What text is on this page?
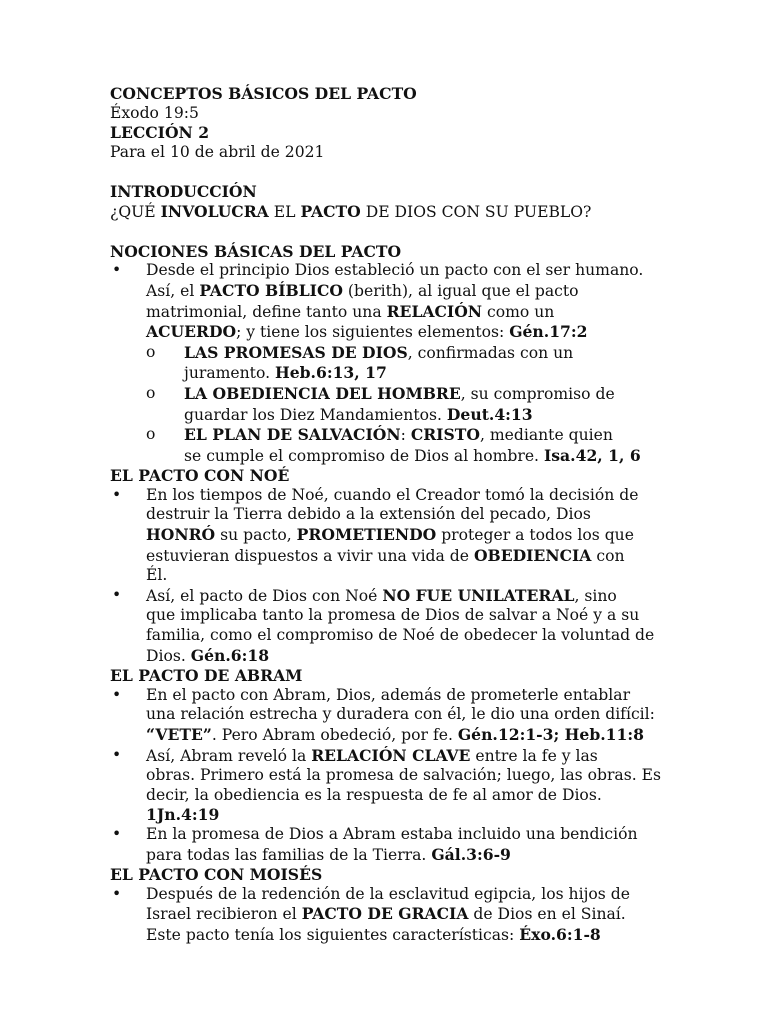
CONCEPTOS BÁSICOS DEL PACTO
Éxodo 19:5
LECCIÓN 2
Para el 10 de abril de 2021
INTRODUCCIÓN
¿QUÉ INVOLUCRA EL PACTO DE DIOS CON SU PUEBLO?
NOCIONES BÁSICAS DEL PACTO
• Desde el principio Dios estableció un pacto con el ser humano.
Así, el PACTO BÍBLICO (berith), al igual que el pacto
matrimonial, define tanto una RELACIÓN como un
ACUERDO; y tiene los siguientes elementos: Gén.17:2
o LAS PROMESAS DE DIOS, confirmadas con un
juramento. Heb.6:13, 17
o LA OBEDIENCIA DEL HOMBRE, su compromiso de
guardar los Diez Mandamientos. Deut.4:13
o EL PLAN DE SALVACIÓN: CRISTO, mediante quien
se cumple el compromiso de Dios al hombre. Isa.42, 1, 6
EL PACTO CON NOÉ
• En los tiempos de Noé, cuando el Creador tomó la decisión de
destruir la Tierra debido a la extensión del pecado, Dios
HONRÓ su pacto, PROMETIENDO proteger a todos los que
estuvieran dispuestos a vivir una vida de OBEDIENCIA con
Él.
• Así, el pacto de Dios con Noé NO FUE UNILATERAL, sino
que implicaba tanto la promesa de Dios de salvar a Noé y a su
familia, como el compromiso de Noé de obedecer la voluntad de
Dios. Gén.6:18
EL PACTO DE ABRAM
• En el pacto con Abram, Dios, además de prometerle entablar
una relación estrecha y duradera con él, le dio una orden difícil:
“VETE”. Pero Abram obedeció, por fe. Gén.12:1-3; Heb.11:8
• Así, Abram reveló la RELACIÓN CLAVE entre la fe y las
obras. Primero está la promesa de salvación; luego, las obras. Es
decir, la obediencia es la respuesta de fe al amor de Dios.
1Jn.4:19
• En la promesa de Dios a Abram estaba incluido una bendición
para todas las familias de la Tierra. Gál.3:6-9
EL PACTO CON MOISÉS
• Después de la redención de la esclavitud egipcia, los hijos de
Israel recibieron el PACTO DE GRACIA de Dios en el Sinaí.
Este pacto tenía los siguientes características: Éxo.6:1-8
